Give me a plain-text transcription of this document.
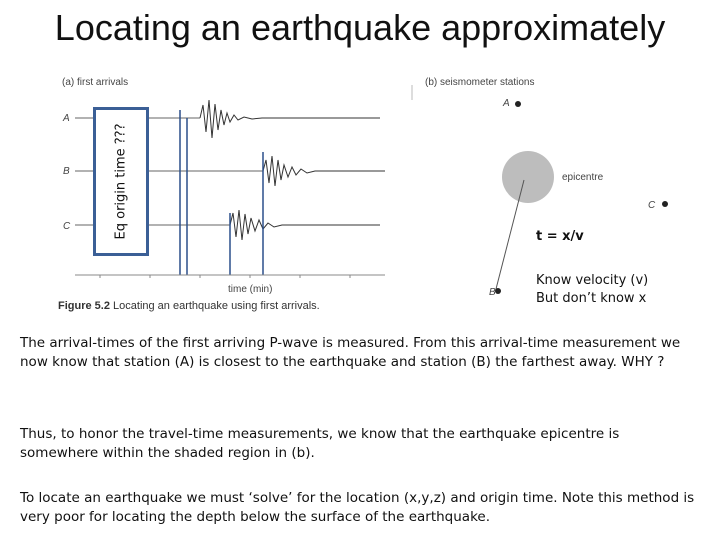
Locating an earthquake approximately
(a) first arrivals
A
B
C
time (min)
Figure 5.2 Locating an earthquake using first arrivals.
Eq origin time ???
(b) seismometer stations
A
C
B
epicentre
t = x/v
Know velocity (v)
But don’t know x
The arrival-times of the first arriving P-wave is measured. From this arrival-time measurement we now know that station (A) is closest to the earthquake and station (B) the farthest away. WHY ?
Thus, to honor the travel-time measurements, we know that the earthquake epicentre is somewhere within the shaded region in (b).
To locate an earthquake we must ‘solve’ for the location (x,y,z) and origin time. Note this method is very poor for locating the depth below the surface of the earthquake.
